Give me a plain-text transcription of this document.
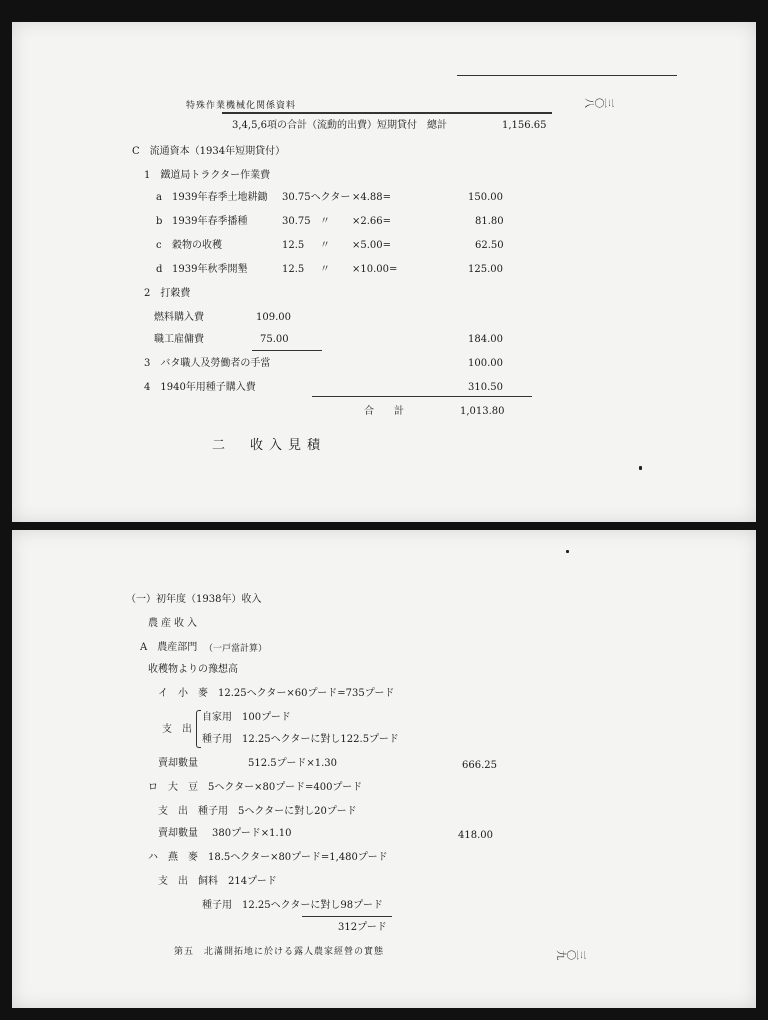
特殊作業機械化関係資料	三〇八
3,4,5,6項の合計（流動的出費）短期貸付　總計	1,156.65
C　流通資本（1934年短期貸付）
1　鐵道局トラクター作業費
a 1939年春季土地耕鋤 30.75ヘクター ×4.88=	150.00
b 1939年春季播種	30.75 〃 ×2.66=	81.80
c 穀物の收穫	12.5 〃 ×5.00=	62.50
d 1939年秋季開墾	12.5 〃 ×10.00=	125.00
2　打穀費
燃料購入費	109.00
職工雇傭費	75.00	184.00
3　バタ職人及勞働者の手當	100.00
4　1940年用種子購入費	310.50
合　　計	1,013.80
二　收入見積
（一）初年度（1938年）收入
農産收入
A　農産部門 （一戸當計算）
收穫物よりの豫想高
イ　小　麥　12.25ヘクター×60プード=735プード
支　出
自家用　100プード
種子用　12.25ヘクターに對し122.5プード
賣却數量	512.5プード×1.30	666.25
ロ　大　豆　5ヘクター×80プード=400プード
支　出　種子用　5ヘクターに對し20プード
賣却數量 380プード×1.10	418.00
ハ　燕　麥　18.5ヘクター×80プード=1,480プード
支　出　飼料　214プード
種子用　12.25ヘクターに對し98プード
312プード
第五　北滿開拓地に於ける露人農家經營の實態	三〇九
